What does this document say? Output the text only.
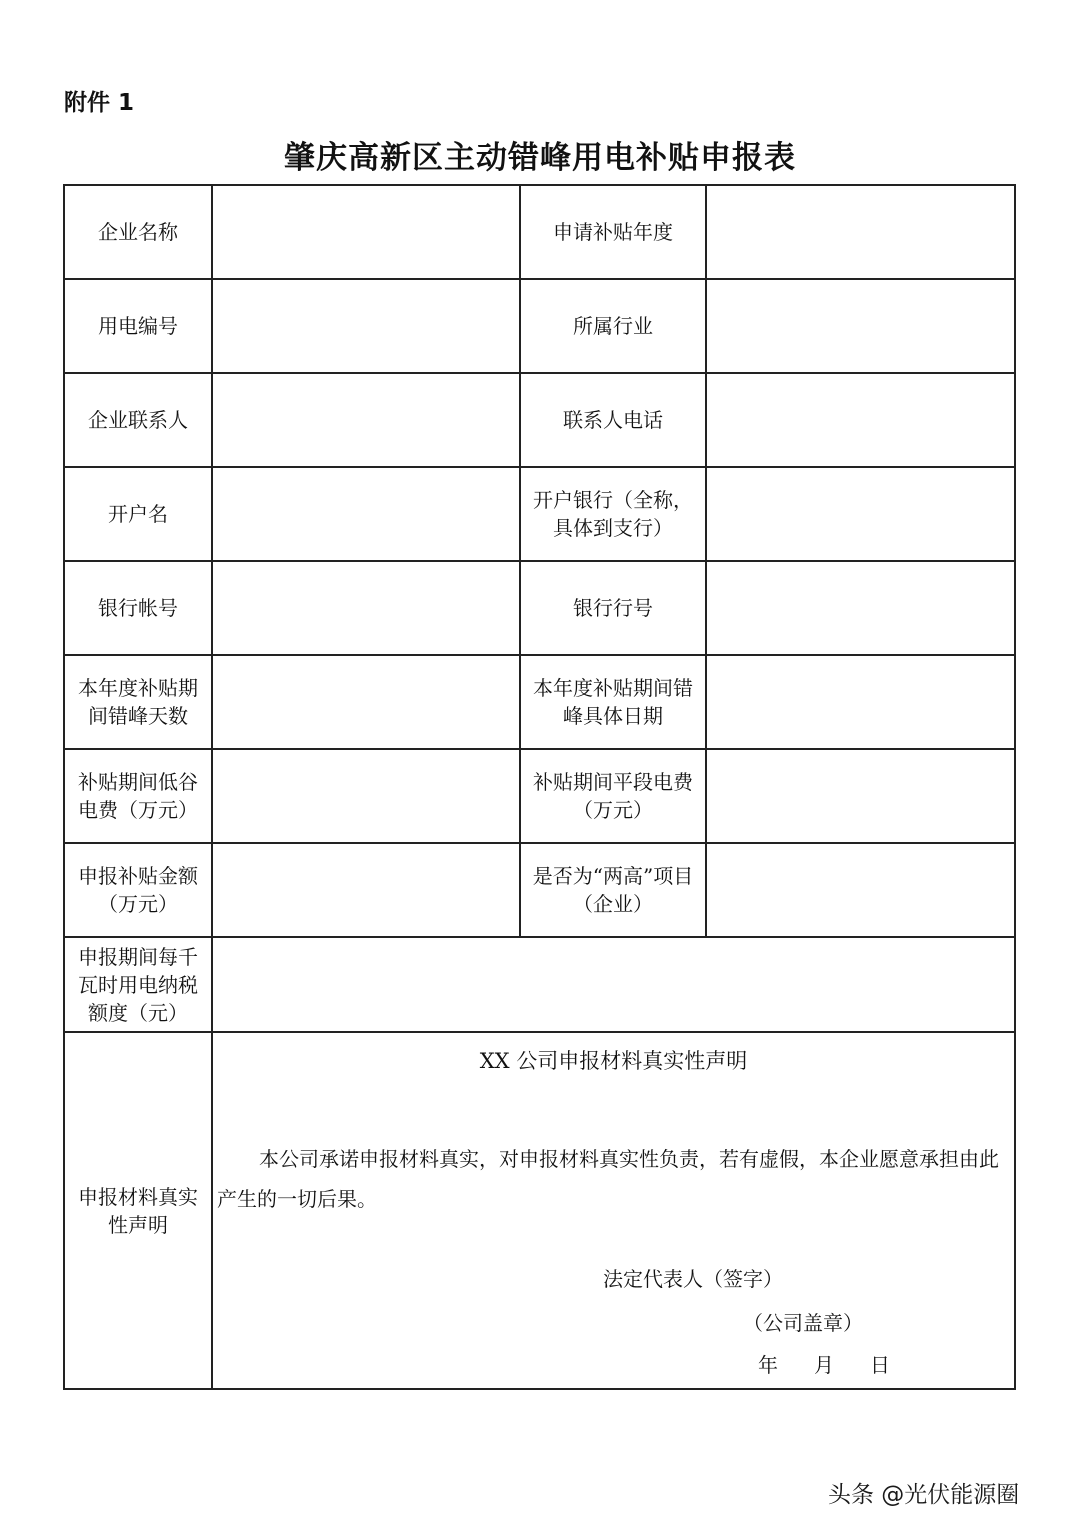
附件 1
肇庆高新区主动错峰用电补贴申报表
企业名称		申请补贴年度	
用电编号		所属行业	
企业联系人		联系人电话	
开户名		开户银行（全称，具体到支行）	
银行帐号		银行行号	
本年度补贴期间错峰天数		本年度补贴期间错峰具体日期	
补贴期间低谷电费（万元）		补贴期间平段电费（万元）	
申报补贴金额（万元）		是否为“两高”项目（企业）	
申报期间每千瓦时用电纳税额度（元）			
申报材料真实性声明	XX 公司申报材料真实性声明
本公司承诺申报材料真实，对申报材料真实性负责，若有虚假，本企业愿意承担由此产生的一切后果。
法定代表人（签字）
（公司盖章）
年 月 日		
头条 @光伏能源圈
